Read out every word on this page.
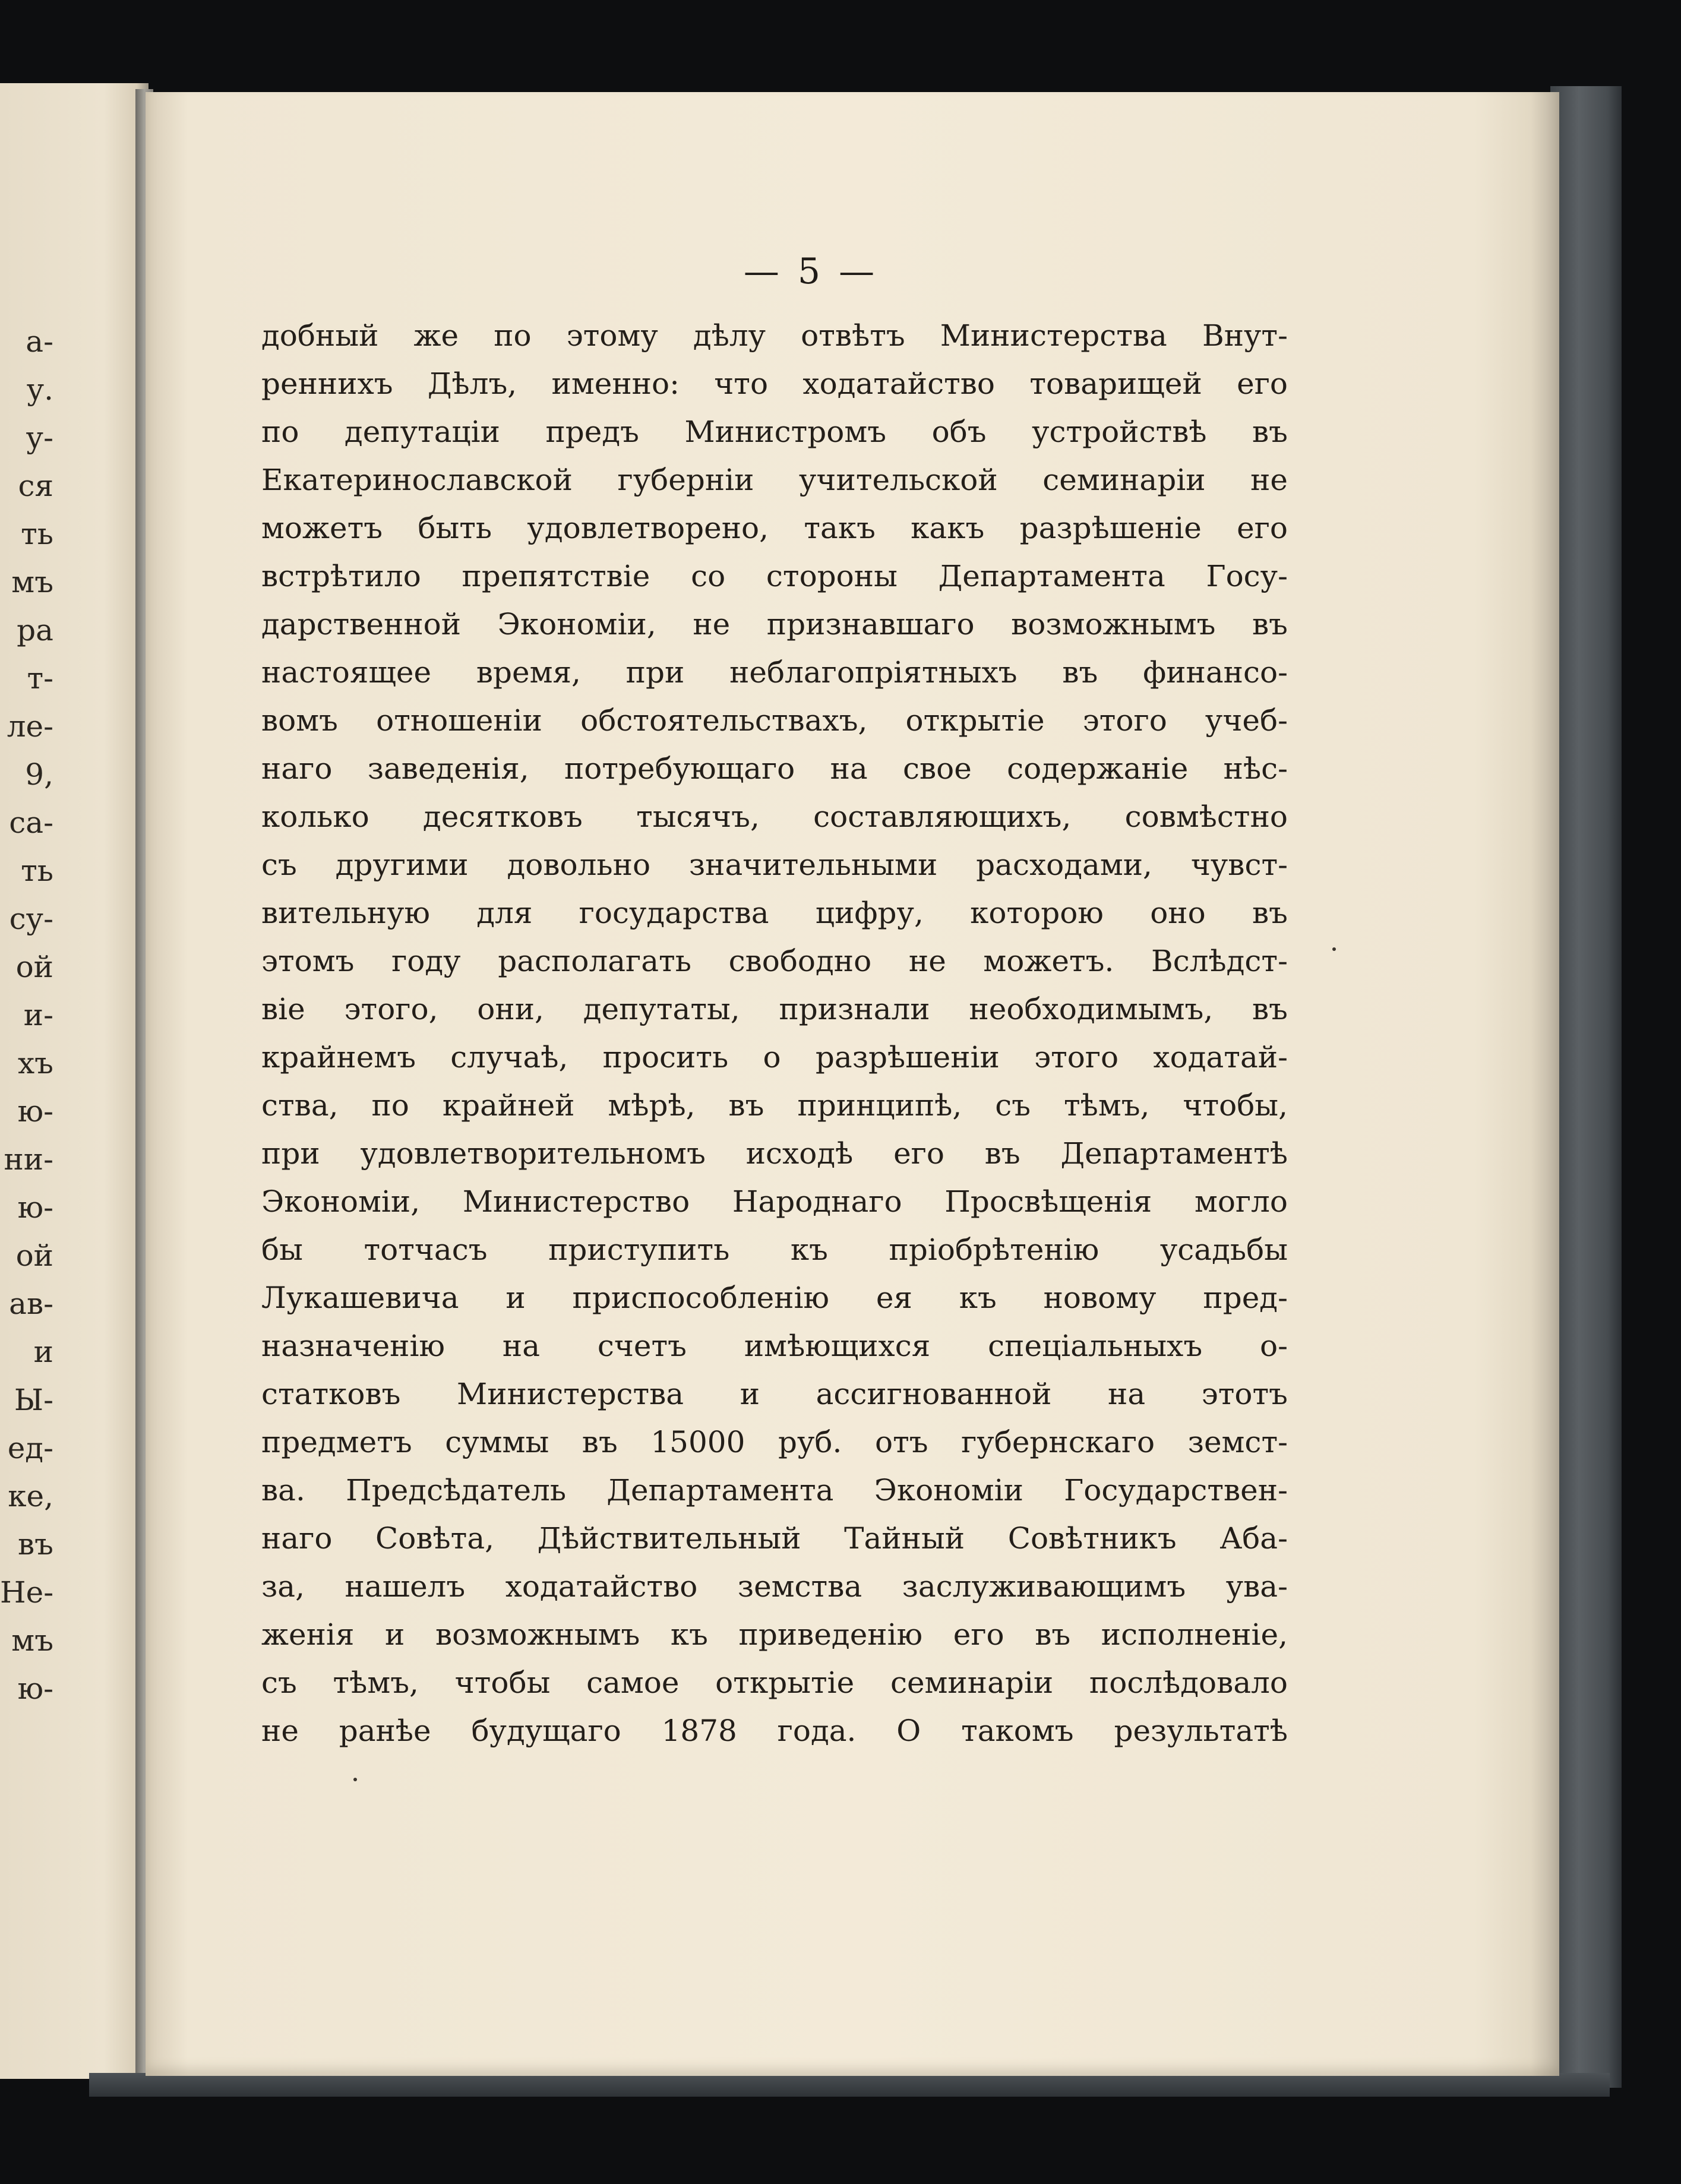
а-
у.
у-
ся
ть
мъ
ра
т-
ле-
9,
са-
ть
су-
ой
и-
хъ
ю-
ни-
ю-
ой
ав-
и
Ы-
ед-
ке,
въ
Не-
мъ
ю-
— 5 —
добный же по этому дѣлу отвѣтъ Министерства Внут-
реннихъ Дѣлъ, именно: что ходатайство товарищей его
по депутаціи предъ Министромъ объ устройствѣ въ
Екатеринославской губерніи учительской семинаріи не
можетъ быть удовлетворено, такъ какъ разрѣшеніе его
встрѣтило препятствіе со стороны Департамента Госу-
дарственной Экономіи, не признавшаго возможнымъ въ
настоящее время, при неблагопріятныхъ въ финансо-
вомъ отношеніи обстоятельствахъ, открытіе этого учеб-
наго заведенія, потребующаго на свое содержаніе нѣс-
колько десятковъ тысячъ, составляющихъ, совмѣстно
съ другими довольно значительными расходами, чувст-
вительную для государства цифру, которою оно въ
этомъ году располагать свободно не можетъ. Вслѣдст-
віе этого, они, депутаты, признали необходимымъ, въ
крайнемъ случаѣ, просить о разрѣшеніи этого ходатай-
ства, по крайней мѣрѣ, въ принципѣ, съ тѣмъ, чтобы,
при удовлетворительномъ исходѣ его въ Департаментѣ
Экономіи, Министерство Народнаго Просвѣщенія могло
бы тотчасъ приступить къ пріобрѣтенію усадьбы
Лукашевича и приспособленію ея къ новому пред-
назначенію на счетъ имѣющихся спеціальныхъ о-
статковъ Министерства и ассигнованной на этотъ
предметъ суммы въ 15000 руб. отъ губернскаго земст-
ва. Предсѣдатель Департамента Экономіи Государствен-
наго Совѣта, Дѣйствительный Тайный Совѣтникъ Аба-
за, нашелъ ходатайство земства заслуживающимъ ува-
женія и возможнымъ къ приведенію его въ исполненіе,
съ тѣмъ, чтобы самое открытіе семинаріи послѣдовало
не ранѣе будущаго 1878 года. О такомъ результатѣ
